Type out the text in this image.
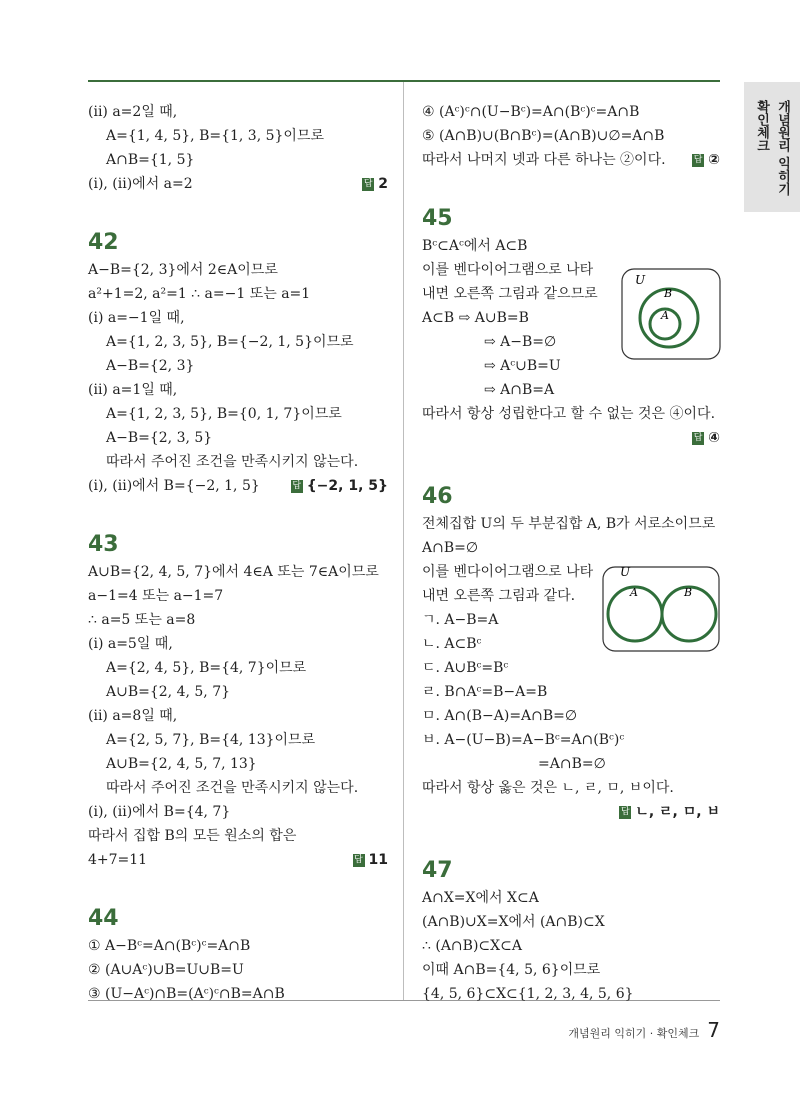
확인체크 개념원리 익히기
(ii) a=2일 때,
A={1, 4, 5}, B={1, 3, 5}이므로
A∩B={1, 5}
(i), (ii)에서 a=2	답 2
42
A−B={2, 3}에서 2∈A이므로
a²+1=2, a²=1 ∴ a=−1 또는 a=1
(i) a=−1일 때,
A={1, 2, 3, 5}, B={−2, 1, 5}이므로
A−B={2, 3}
(ii) a=1일 때,
A={1, 2, 3, 5}, B={0, 1, 7}이므로
A−B={2, 3, 5}
따라서 주어진 조건을 만족시키지 않는다.
(i), (ii)에서 B={−2, 1, 5}	답 {−2, 1, 5}
43
A∪B={2, 4, 5, 7}에서 4∈A 또는 7∈A이므로
a−1=4 또는 a−1=7
∴ a=5 또는 a=8
(i) a=5일 때,
A={2, 4, 5}, B={4, 7}이므로
A∪B={2, 4, 5, 7}
(ii) a=8일 때,
A={2, 5, 7}, B={4, 13}이므로
A∪B={2, 4, 5, 7, 13}
따라서 주어진 조건을 만족시키지 않는다.
(i), (ii)에서 B={4, 7}
따라서 집합 B의 모든 원소의 합은
4+7=11	답 11
44
① A−Bᶜ=A∩(Bᶜ)ᶜ=A∩B
② (A∪Aᶜ)∪B=U∪B=U
③ (U−Aᶜ)∩B=(Aᶜ)ᶜ∩B=A∩B
④ (Aᶜ)ᶜ∩(U−Bᶜ)=A∩(Bᶜ)ᶜ=A∩B
⑤ (A∩B)∪(B∩Bᶜ)=(A∩B)∪∅=A∩B
따라서 나머지 넷과 다른 하나는 ②이다.	답 ②
45
Bᶜ⊂Aᶜ에서 A⊂B
이를 벤다이어그램으로 나타
내면 오른쪽 그림과 같으므로
A⊂B ⇨ A∪B=B
⇨ A−B=∅
⇨ Aᶜ∪B=U
⇨ A∩B=A
따라서 항상 성립한다고 할 수 없는 것은 ④이다.
답 ④
46
전체집합 U의 두 부분집합 A, B가 서로소이므로
A∩B=∅
이를 벤다이어그램으로 나타
내면 오른쪽 그림과 같다.
ㄱ. A−B=A
ㄴ. A⊂Bᶜ
ㄷ. A∪Bᶜ=Bᶜ
ㄹ. B∩Aᶜ=B−A=B
ㅁ. A∩(B−A)=A∩B=∅
ㅂ. A−(U−B)=A−Bᶜ=A∩(Bᶜ)ᶜ
=A∩B=∅
따라서 항상 옳은 것은 ㄴ, ㄹ, ㅁ, ㅂ이다.
답 ㄴ, ㄹ, ㅁ, ㅂ
47
A∩X=X에서 X⊂A
(A∩B)∪X=X에서 (A∩B)⊂X
∴ (A∩B)⊂X⊂A
이때 A∩B={4, 5, 6}이므로
{4, 5, 6}⊂X⊂{1, 2, 3, 4, 5, 6}
U
B
A
U
A	B
개념원리 익히기 · 확인체크 7
